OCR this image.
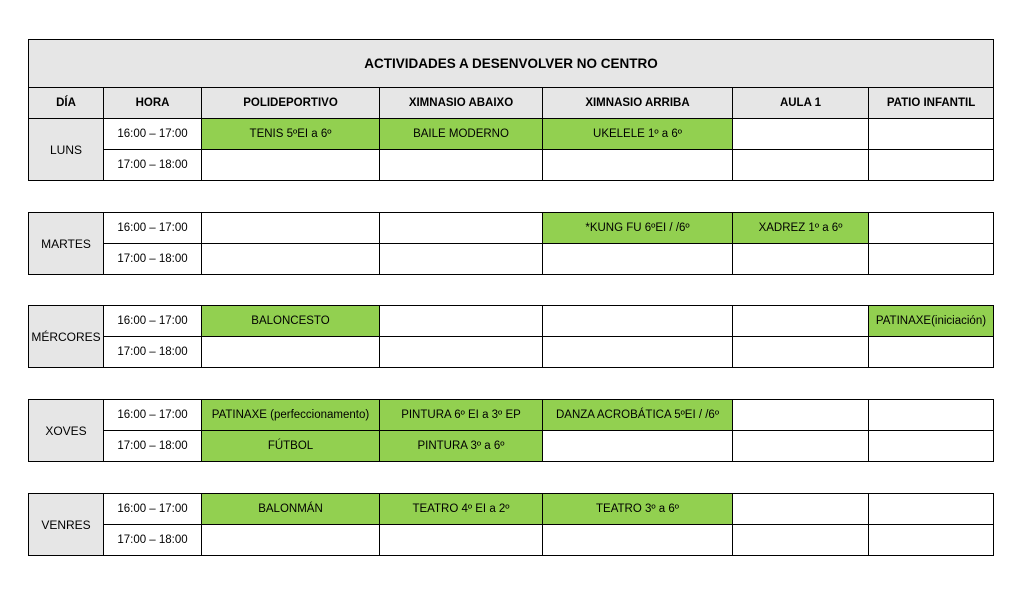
ACTIVIDADES A DESENVOLVER NO CENTRO						
DÍA	HORA	POLIDEPORTIVO	XIMNASIO ABAIXO	XIMNASIO ARRIBA	AULA 1	PATIO INFANTIL
LUNS	16:00 – 17:00	TENIS 5ºEI a 6º	BAILE MODERNO	UKELELE 1º a 6º		
	17:00 – 18:00					
MARTES	16:00 – 17:00			*KUNG FU 6ºEI / /6º	XADREZ 1º a 6º	
	17:00 – 18:00					
MÉRCORES	16:00 – 17:00	BALONCESTO				PATINAXE(iniciación)
	17:00 – 18:00					
XOVES	16:00 – 17:00	PATINAXE (perfeccionamento)	PINTURA 6º EI a 3º EP	DANZA ACROBÁTICA 5ºEI / /6º		
	17:00 – 18:00	FÚTBOL	PINTURA 3º a 6º			
VENRES	16:00 – 17:00	BALONMÁN	TEATRO 4º EI a 2º	TEATRO 3º a 6º		
	17:00 – 18:00					
